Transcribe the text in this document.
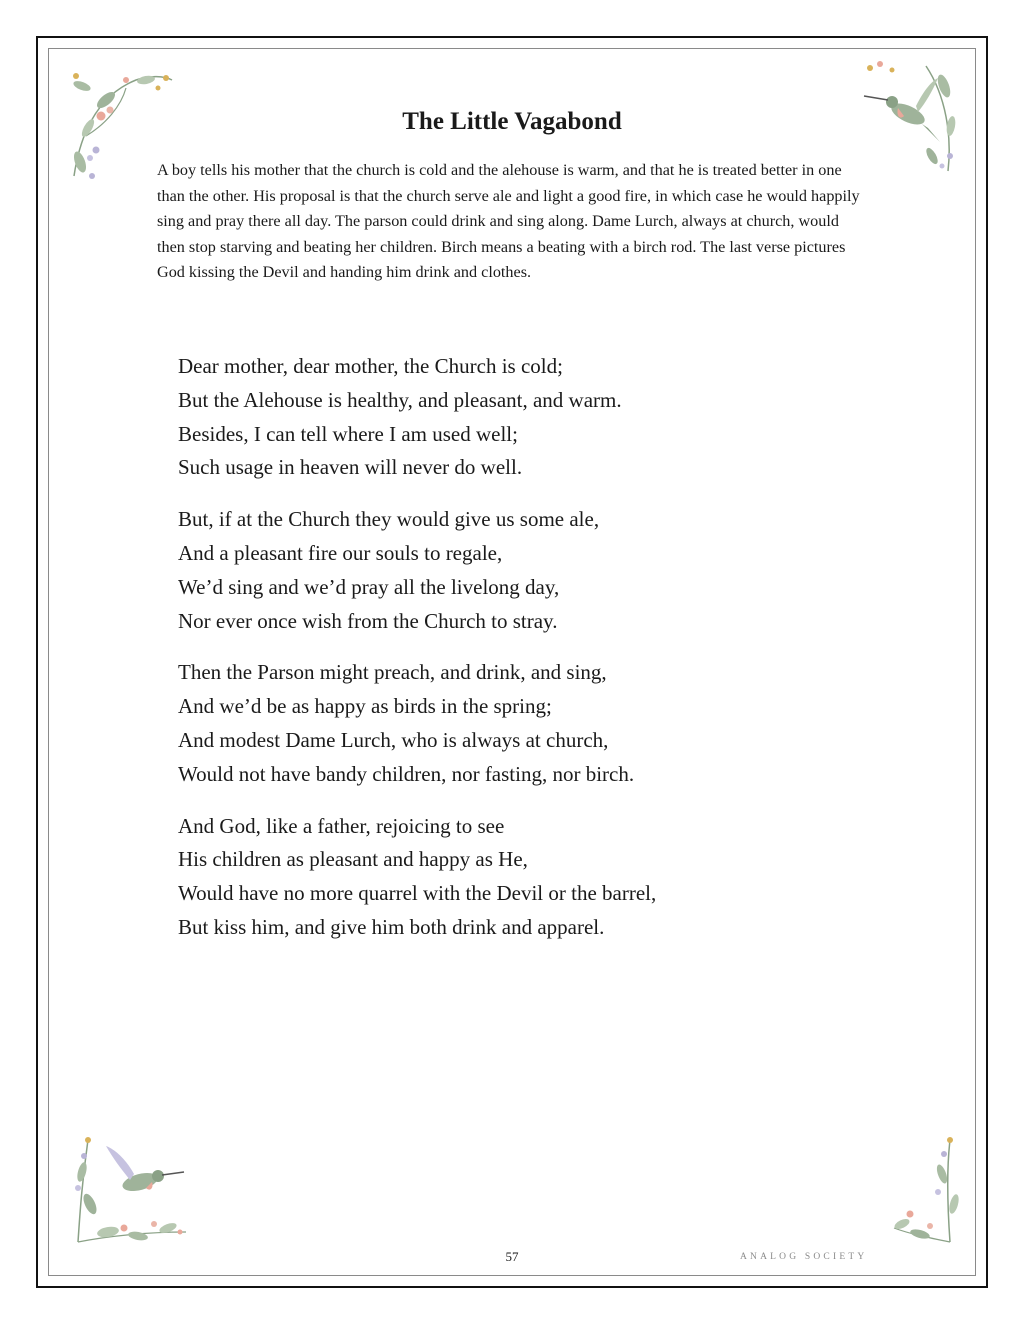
The Little Vagabond

A boy tells his mother that the church is cold and the alehouse is warm, and that he is treated better in one than the other. His proposal is that the church serve ale and light a good fire, in which case he would happily sing and pray there all day. The parson could drink and sing along. Dame Lurch, always at church, would then stop starving and beating her children. Birch means a beating with a birch rod. The last verse pictures God kissing the Devil and handing him drink and clothes.

Dear mother, dear mother, the Church is cold;
But the Alehouse is healthy, and pleasant, and warm.
Besides, I can tell where I am used well;
Such usage in heaven will never do well.

But, if at the Church they would give us some ale,
And a pleasant fire our souls to regale,
We’d sing and we’d pray all the livelong day,
Nor ever once wish from the Church to stray.

Then the Parson might preach, and drink, and sing,
And we’d be as happy as birds in the spring;
And modest Dame Lurch, who is always at church,
Would not have bandy children, nor fasting, nor birch.

And God, like a father, rejoicing to see
His children as pleasant and happy as He,
Would have no more quarrel with the Devil or the barrel,
But kiss him, and give him both drink and apparel.

57	ANALOG SOCIETY
